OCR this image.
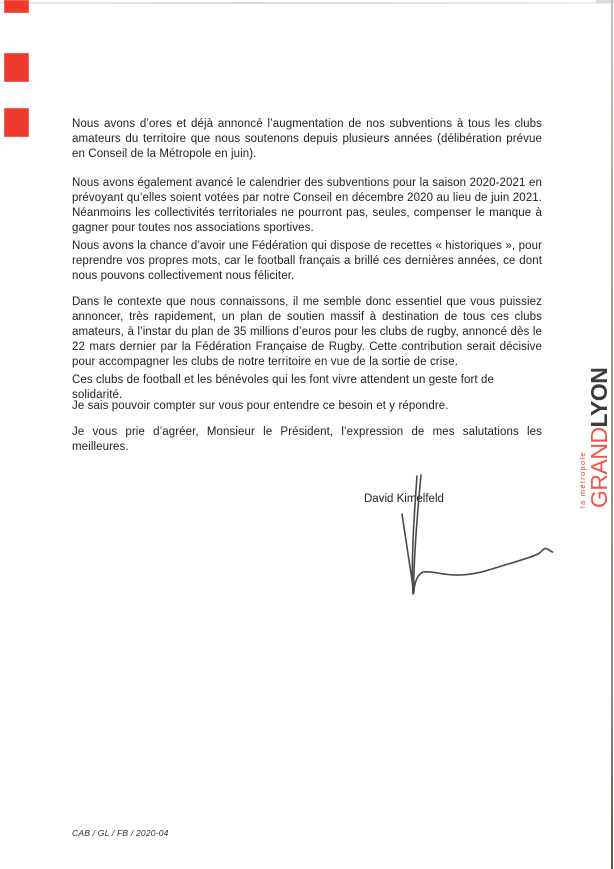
Nous avons d’ores et déjà annoncé l’augmentation de nos subventions à tous les clubs amateurs du territoire que nous soutenons depuis plusieurs années (délibération prévue en Conseil de la Métropole en juin).

Nous avons également avancé le calendrier des subventions pour la saison 2020-2021 en prévoyant qu’elles soient votées par notre Conseil en décembre 2020 au lieu de juin 2021. Néanmoins les collectivités territoriales ne pourront pas, seules, compenser le manque à gagner pour toutes nos associations sportives.

Nous avons la chance d’avoir une Fédération qui dispose de recettes « historiques », pour reprendre vos propres mots, car le football français a brillé ces dernières années, ce dont nous pouvons collectivement nous féliciter.

Dans le contexte que nous connaissons, il me semble donc essentiel que vous puissiez annoncer, très rapidement, un plan de soutien massif à destination de tous ces clubs amateurs, à l’instar du plan de 35 millions d’euros pour les clubs de rugby, annoncé dès le 22 mars dernier par la Fédération Française de Rugby. Cette contribution serait décisive pour accompagner les clubs de notre territoire en vue de la sortie de crise.

Ces clubs de football et les bénévoles qui les font vivre attendent un geste fort de solidarité.

Je sais pouvoir compter sur vous pour entendre ce besoin et y répondre.

Je vous prie d’agréer, Monsieur le Président, l’expression de mes salutations les meilleures.

David Kimelfeld
CAB / GL / FB / 2020-04
la métropole GRANDLYON
